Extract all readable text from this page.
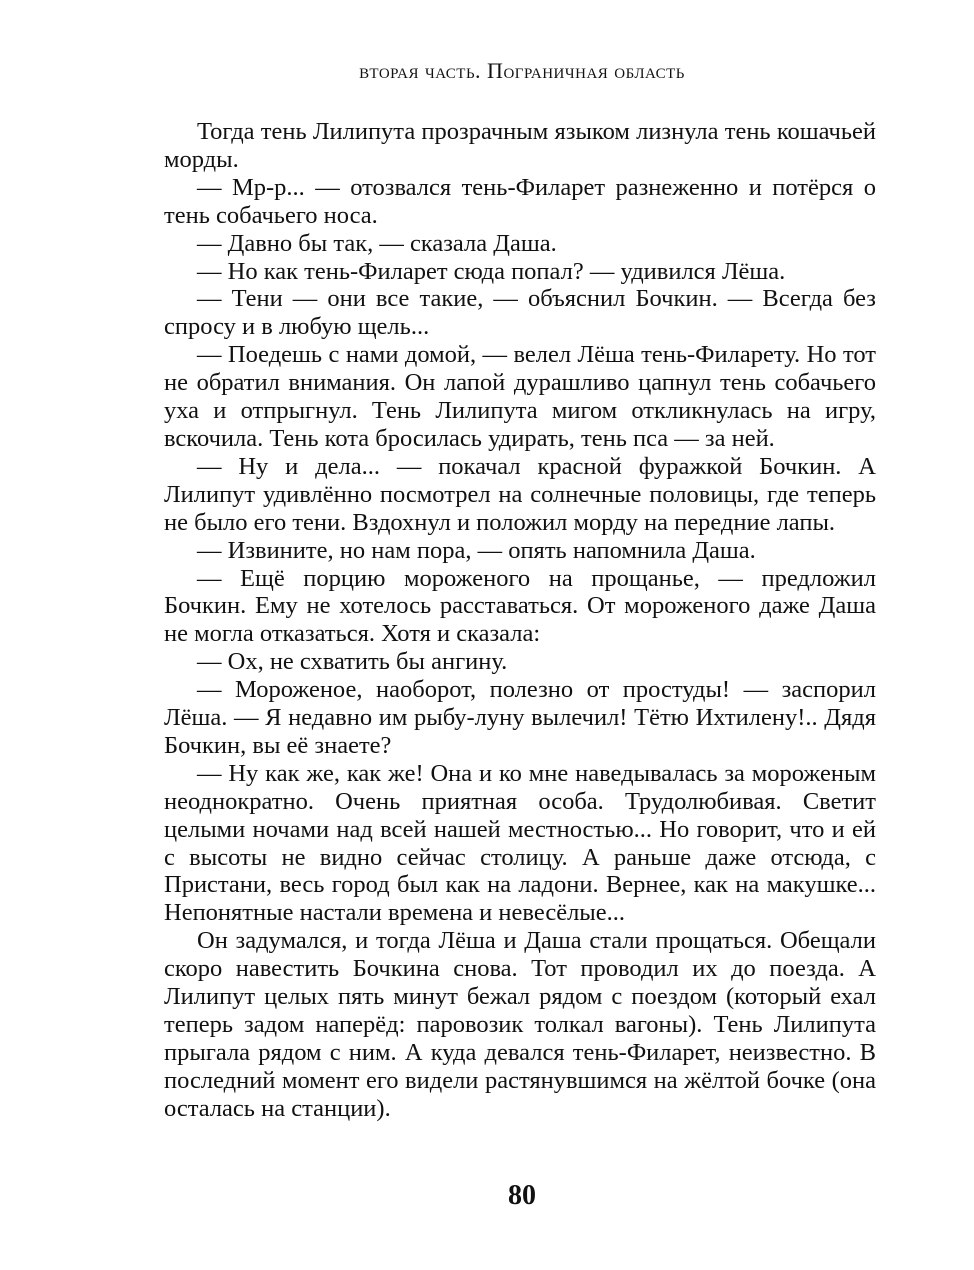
вторая часть. Пограничная область

Тогда тень Лилипута прозрачным языком лизнула тень кошачьей морды.

— Мр-р... — отозвался тень-Филарет разнеженно и потёрся о тень собачьего носа.

— Давно бы так, — сказала Даша.

— Но как тень-Филарет сюда попал? — удивился Лёша.

— Тени — они все такие, — объяснил Бочкин. — Всегда без спросу и в любую щель...

— Поедешь с нами домой, — велел Лёша тень-Филарету. Но тот не обратил внимания. Он лапой дурашливо цапнул тень собачьего уха и отпрыгнул. Тень Лилипута мигом откликнулась на игру, вскочила. Тень кота бросилась удирать, тень пса — за ней.

— Ну и дела... — покачал красной фуражкой Бочкин. А Лилипут удивлённо посмотрел на солнечные половицы, где теперь не было его тени. Вздохнул и положил морду на передние лапы.

— Извините, но нам пора, — опять напомнила Даша.

— Ещё порцию мороженого на прощанье, — предложил Бочкин. Ему не хотелось расставаться. От мороженого даже Даша не могла отказаться. Хотя и сказала:

— Ох, не схватить бы ангину.

— Мороженое, наоборот, полезно от простуды! — заспорил Лёша. — Я недавно им рыбу-луну вылечил! Тётю Ихтилену!.. Дядя Бочкин, вы её знаете?

— Ну как же, как же! Она и ко мне наведывалась за мороженым неоднократно. Очень приятная особа. Трудолюбивая. Светит целыми ночами над всей нашей местностью... Но говорит, что и ей с высоты не видно сейчас столицу. А раньше даже отсюда, с Пристани, весь город был как на ладони. Вернее, как на макушке... Непонятные настали времена и невесёлые...

Он задумался, и тогда Лёша и Даша стали прощаться. Обещали скоро навестить Бочкина снова. Тот проводил их до поезда. А Лилипут целых пять минут бежал рядом с поездом (который ехал теперь задом наперёд: паровозик толкал вагоны). Тень Лилипута прыгала рядом с ним. А куда девался тень-Филарет, неизвестно. В последний момент его видели растянувшимся на жёлтой бочке (она осталась на станции).

80
